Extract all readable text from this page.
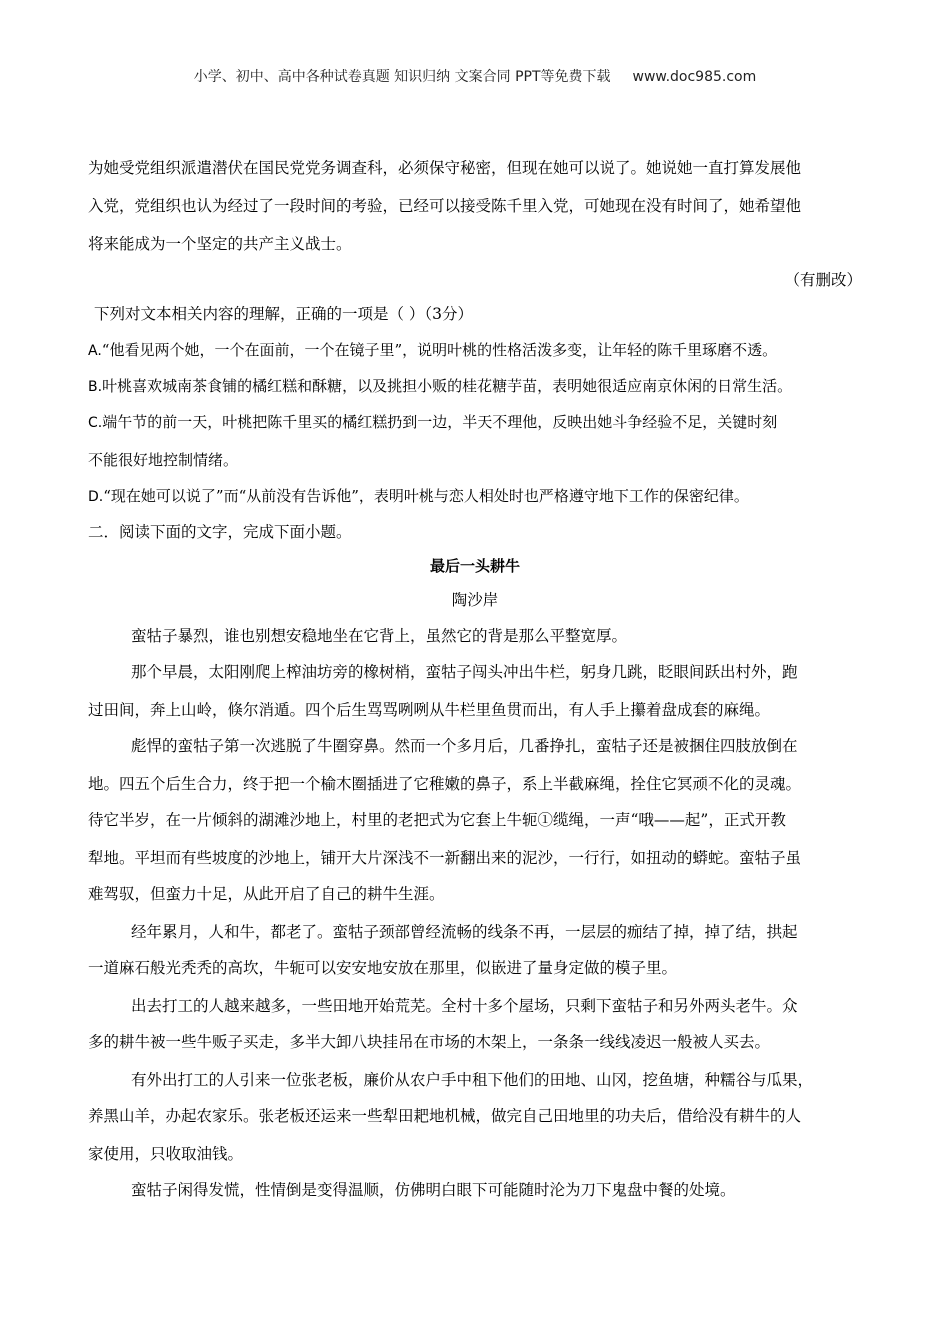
小学、初中、高中各种试卷真题 知识归纳 文案合同 PPT等免费下载 www.doc985.com
为她受党组织派遣潜伏在国民党党务调查科，必须保守秘密，但现在她可以说了。她说她一直打算发展他
入党，党组织也认为经过了一段时间的考验，已经可以接受陈千里入党，可她现在没有时间了，她希望他
将来能成为一个坚定的共产主义战士。
（有删改）
下列对文本相关内容的理解，正确的一项是（ ）（3分）
A.“他看见两个她，一个在面前，一个在镜子里”，说明叶桃的性格活泼多变，让年轻的陈千里琢磨不透。
B.叶桃喜欢城南茶食铺的橘红糕和酥糖，以及挑担小贩的桂花糖芋苗，表明她很适应南京休闲的日常生活。
C.端午节的前一天，叶桃把陈千里买的橘红糕扔到一边，半天不理他，反映出她斗争经验不足，关键时刻
不能很好地控制情绪。
D.“现在她可以说了”而“从前没有告诉他”，表明叶桃与恋人相处时也严格遵守地下工作的保密纪律。
二．阅读下面的文字，完成下面小题。
最后一头耕牛
陶沙岸
蛮牯子暴烈，谁也别想安稳地坐在它背上，虽然它的背是那么平整宽厚。
那个早晨，太阳刚爬上榨油坊旁的橡树梢，蛮牯子闯头冲出牛栏，躬身几跳，眨眼间跃出村外，跑
过田间，奔上山岭，倏尔消遁。四个后生骂骂咧咧从牛栏里鱼贯而出，有人手上攥着盘成套的麻绳。
彪悍的蛮牯子第一次逃脱了牛圈穿鼻。然而一个多月后，几番挣扎，蛮牯子还是被捆住四肢放倒在
地。四五个后生合力，终于把一个榆木圈插进了它稚嫩的鼻子，系上半截麻绳，拴住它冥顽不化的灵魂。
待它半岁，在一片倾斜的湖滩沙地上，村里的老把式为它套上牛轭①缆绳，一声“哦——起”，正式开教
犁地。平坦而有些坡度的沙地上，铺开大片深浅不一新翻出来的泥沙，一行行，如扭动的蟒蛇。蛮牯子虽
难驾驭，但蛮力十足，从此开启了自己的耕牛生涯。
经年累月，人和牛，都老了。蛮牯子颈部曾经流畅的线条不再，一层层的痂结了掉，掉了结，拱起
一道麻石般光秃秃的高坎，牛轭可以安安地安放在那里，似嵌进了量身定做的模子里。
出去打工的人越来越多，一些田地开始荒芜。全村十多个屋场，只剩下蛮牯子和另外两头老牛。众
多的耕牛被一些牛贩子买走，多半大卸八块挂吊在市场的木架上，一条条一线线凌迟一般被人买去。
有外出打工的人引来一位张老板，廉价从农户手中租下他们的田地、山冈，挖鱼塘，种糯谷与瓜果，
养黑山羊，办起农家乐。张老板还运来一些犁田耙地机械，做完自己田地里的功夫后，借给没有耕牛的人
家使用，只收取油钱。
蛮牯子闲得发慌，性情倒是变得温顺，仿佛明白眼下可能随时沦为刀下鬼盘中餐的处境。
